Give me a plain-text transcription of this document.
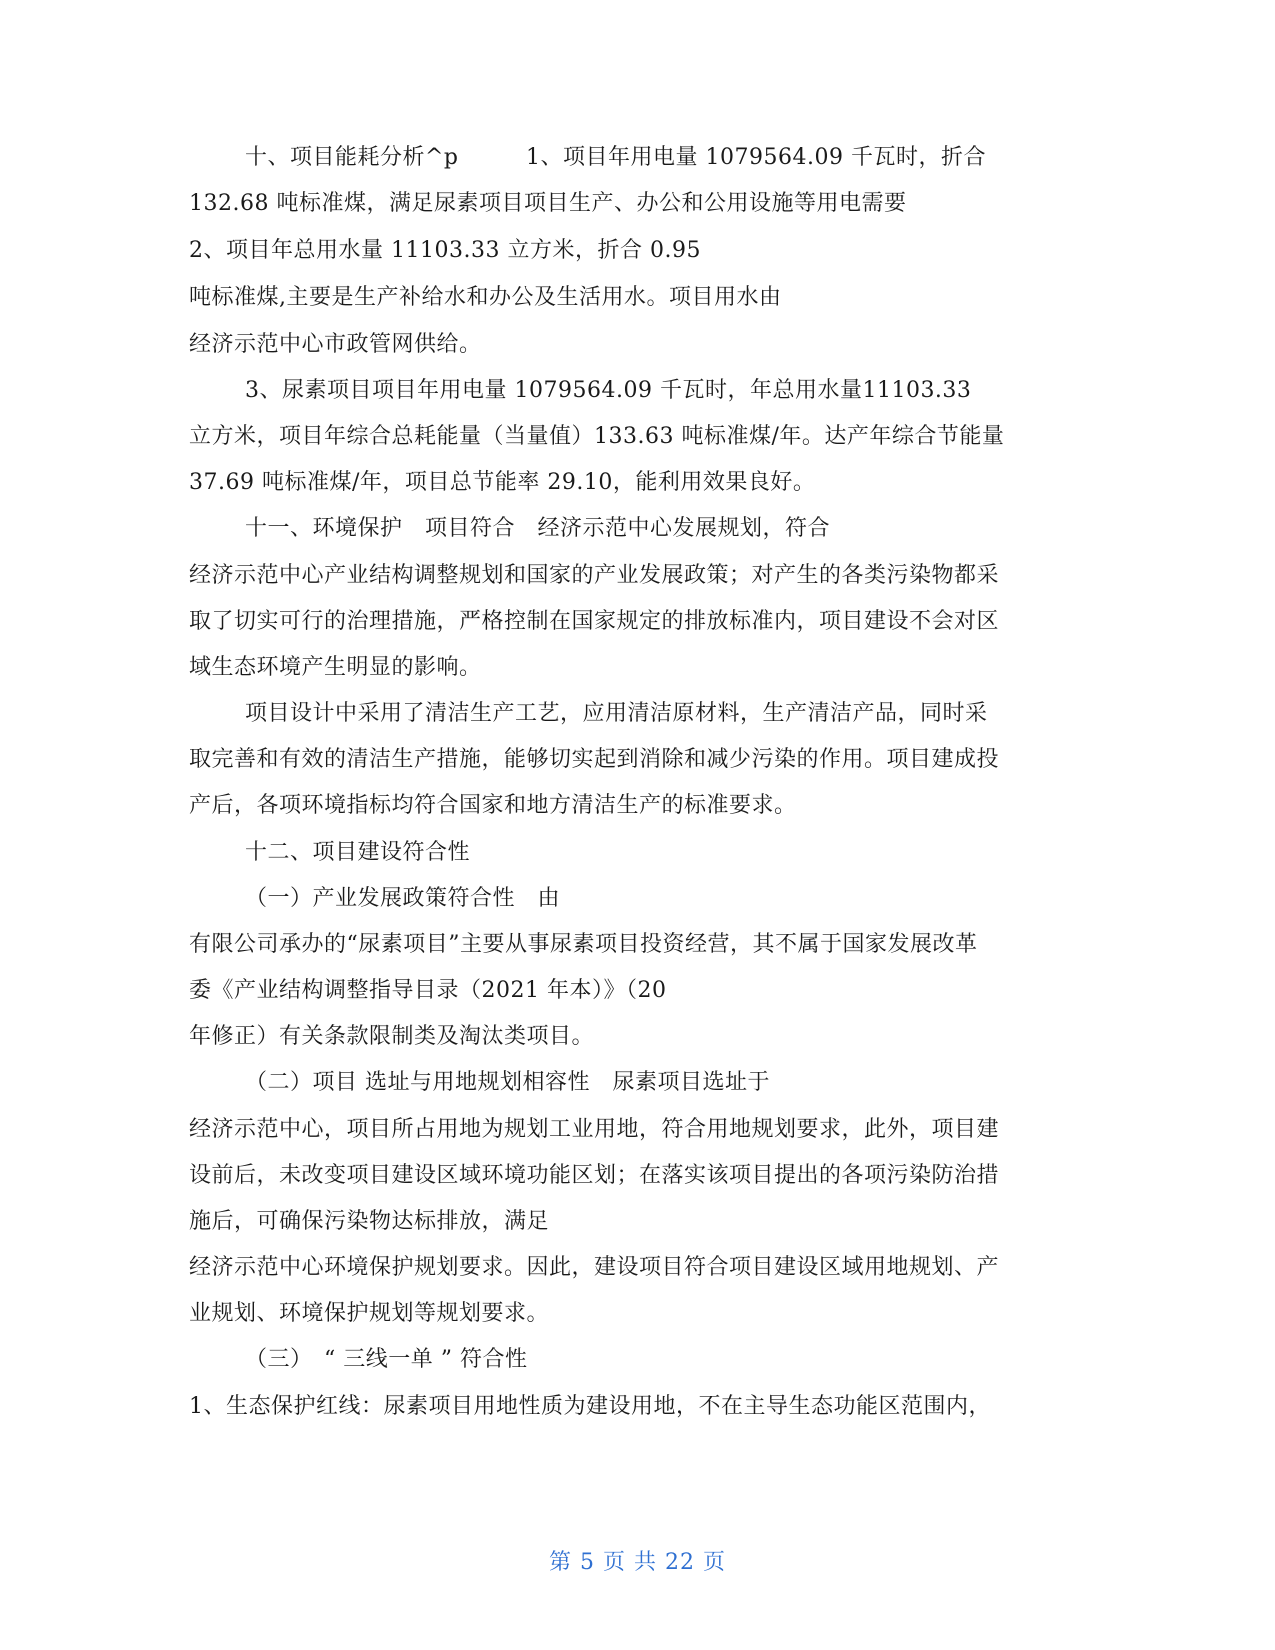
十、项目能耗分析^p　　　1、项目年用电量 1079564.09 千瓦时，折合
132.68 吨标准煤，满足尿素项目项目生产、办公和公用设施等用电需要
2、项目年总用水量 11103.33 立方米，折合 0.95
吨标准煤,主要是生产补给水和办公及生活用水。项目用水由
经济示范中心市政管网供给。
3、尿素项目项目年用电量 1079564.09 千瓦时，年总用水量11103.33
立方米，项目年综合总耗能量（当量值）133.63 吨标准煤/年。达产年综合节能量
37.69 吨标准煤/年，项目总节能率 29.10，能利用效果良好。
十一、环境保护　项目符合　经济示范中心发展规划，符合
经济示范中心产业结构调整规划和国家的产业发展政策；对产生的各类污染物都采
取了切实可行的治理措施，严格控制在国家规定的排放标准内，项目建设不会对区
域生态环境产生明显的影响。
项目设计中采用了清洁生产工艺，应用清洁原材料，生产清洁产品，同时采
取完善和有效的清洁生产措施，能够切实起到消除和减少污染的作用。项目建成投
产后，各项环境指标均符合国家和地方清洁生产的标准要求。
十二、项目建设符合性
（一）产业发展政策符合性　由
有限公司承办的“尿素项目”主要从事尿素项目投资经营，其不属于国家发展改革
委《产业结构调整指导目录（2021 年本）》（20
年修正）有关条款限制类及淘汰类项目。
（二）项目 选址与用地规划相容性　尿素项目选址于
经济示范中心，项目所占用地为规划工业用地，符合用地规划要求，此外，项目建
设前后，未改变项目建设区域环境功能区划；在落实该项目提出的各项污染防治措
施后，可确保污染物达标排放，满足
经济示范中心环境保护规划要求。因此，建设项目符合项目建设区域用地规划、产
业规划、环境保护规划等规划要求。
（三）　“ 三线一单 ” 符合性
1、生态保护红线：尿素项目用地性质为建设用地，不在主导生态功能区范围内，
第 5 页 共 22 页
